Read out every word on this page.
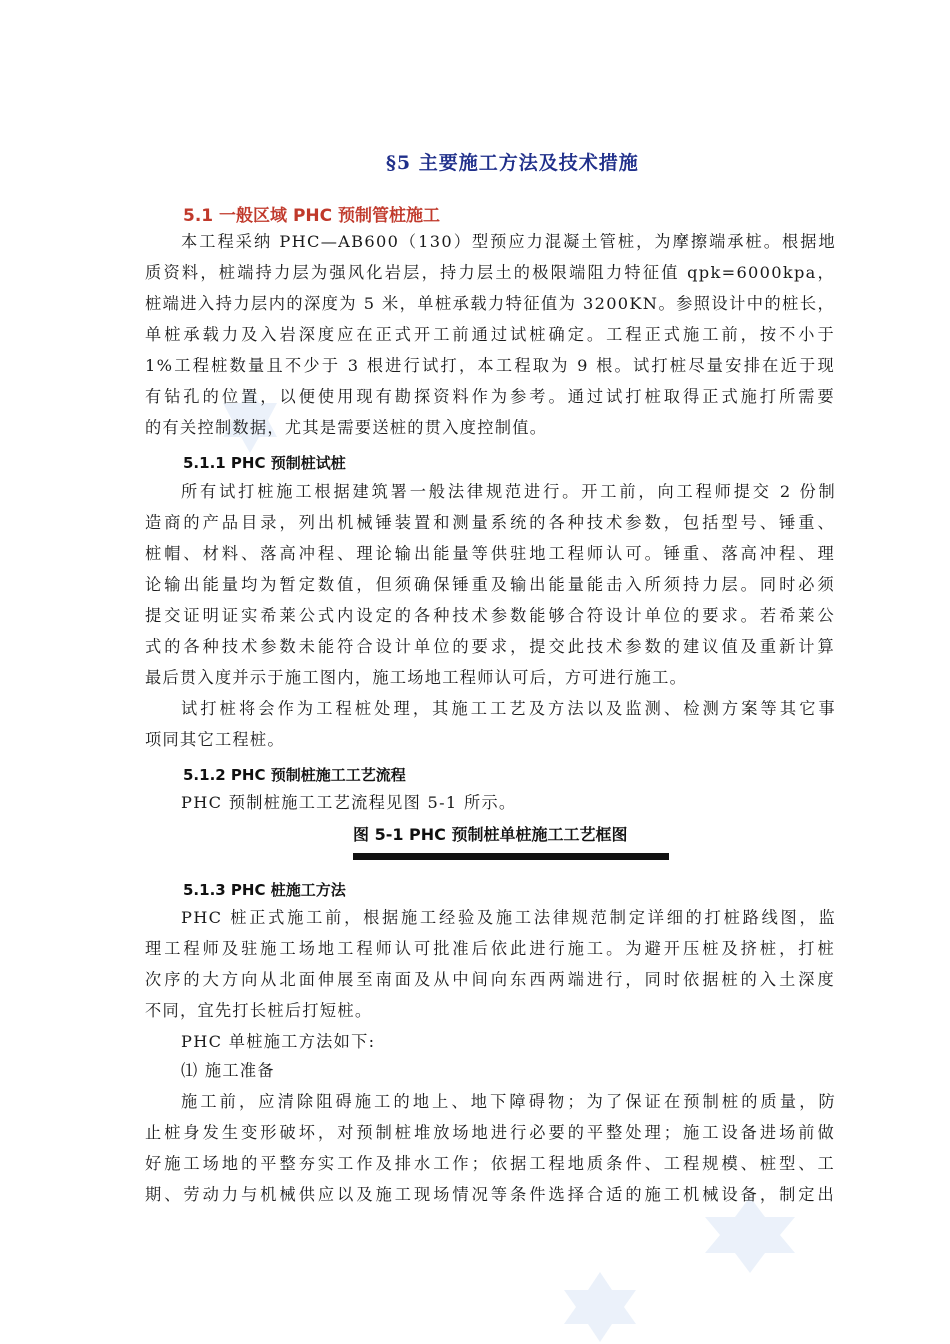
§5 主要施工方法及技术措施
5.1 一般区域 PHC 预制管桩施工
本工程采纳 PHC—AB600（130）型预应力混凝土管桩，为摩擦端承桩。根据地
质资料，桩端持力层为强风化岩层，持力层土的极限端阻力特征值 qpk=6000kpa，
桩端进入持力层内的深度为 5 米，单桩承载力特征值为 3200KN。参照设计中的桩长，
单桩承载力及入岩深度应在正式开工前通过试桩确定。工程正式施工前，按不小于
1%工程桩数量且不少于 3 根进行试打，本工程取为 9 根。试打桩尽量安排在近于现
有钻孔的位置，以便使用现有勘探资料作为参考。通过试打桩取得正式施打所需要
的有关控制数据，尤其是需要送桩的贯入度控制值。
5.1.1 PHC 预制桩试桩
所有试打桩施工根据建筑署一般法律规范进行。开工前，向工程师提交 2 份制
造商的产品目录，列出机械锤装置和测量系统的各种技术参数，包括型号、锤重、
桩帽、材料、落高冲程、理论输出能量等供驻地工程师认可。锤重、落高冲程、理
论输出能量均为暂定数值，但须确保锤重及输出能量能击入所须持力层。同时必须
提交证明证实希莱公式内设定的各种技术参数能够合符设计单位的要求。若希莱公
式的各种技术参数未能符合设计单位的要求，提交此技术参数的建议值及重新计算
最后贯入度并示于施工图内，施工场地工程师认可后，方可进行施工。
试打桩将会作为工程桩处理，其施工工艺及方法以及监测、检测方案等其它事
项同其它工程桩。
5.1.2 PHC 预制桩施工工艺流程
PHC 预制桩施工工艺流程见图 5-1 所示。
图 5-1 PHC 预制桩单桩施工工艺框图
5.1.3 PHC 桩施工方法
PHC 桩正式施工前，根据施工经验及施工法律规范制定详细的打桩路线图，监
理工程师及驻施工场地工程师认可批准后依此进行施工。为避开压桩及挤桩，打桩
次序的大方向从北面伸展至南面及从中间向东西两端进行，同时依据桩的入土深度
不同，宜先打长桩后打短桩。
PHC 单桩施工方法如下:
⑴ 施工准备
施工前，应清除阻碍施工的地上、地下障碍物；为了保证在预制桩的质量，防
止桩身发生变形破坏，对预制桩堆放场地进行必要的平整处理；施工设备进场前做
好施工场地的平整夯实工作及排水工作；依据工程地质条件、工程规模、桩型、工
期、劳动力与机械供应以及施工现场情况等条件选择合适的施工机械设备，制定出
